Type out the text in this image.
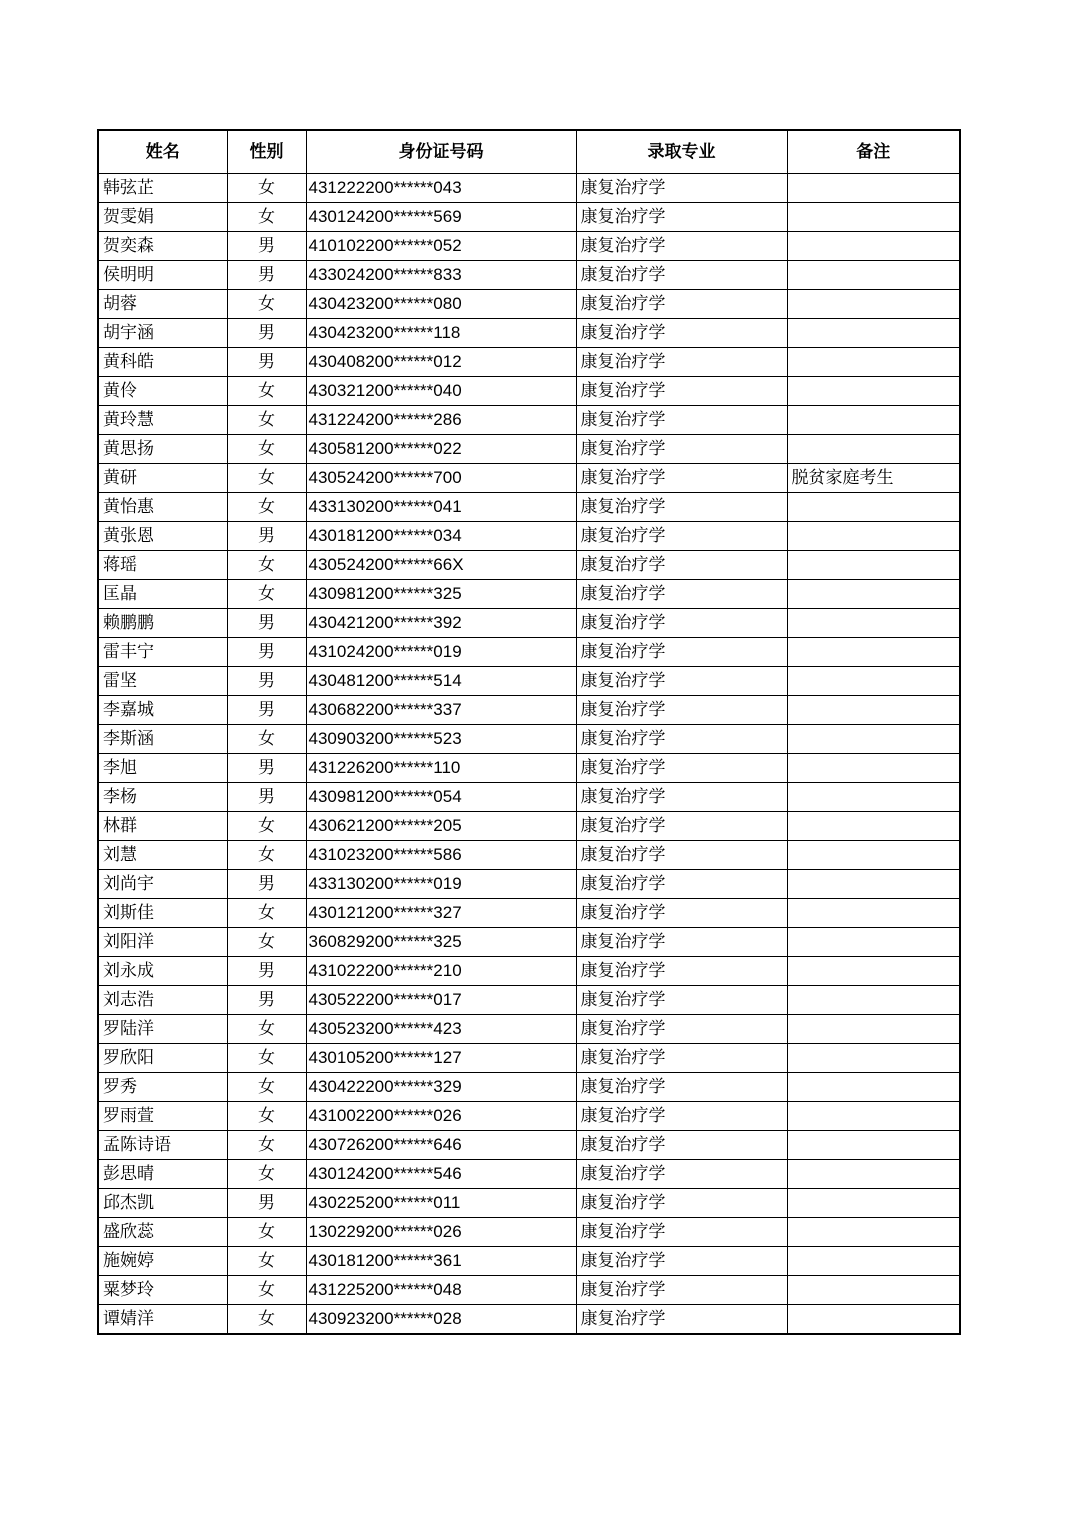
姓名	性别	身份证号码	录取专业	备注
韩弦芷	女	431222200******043	康复治疗学	
贺雯娟	女	430124200******569	康复治疗学	
贺奕森	男	410102200******052	康复治疗学	
侯明明	男	433024200******833	康复治疗学	
胡蓉	女	430423200******080	康复治疗学	
胡宇涵	男	430423200******118	康复治疗学	
黄科皓	男	430408200******012	康复治疗学	
黄伶	女	430321200******040	康复治疗学	
黄玲慧	女	431224200******286	康复治疗学	
黄思扬	女	430581200******022	康复治疗学	
黄研	女	430524200******700	康复治疗学	脱贫家庭考生
黄怡惠	女	433130200******041	康复治疗学	
黄张恩	男	430181200******034	康复治疗学	
蒋瑶	女	430524200******66X	康复治疗学	
匡晶	女	430981200******325	康复治疗学	
赖鹏鹏	男	430421200******392	康复治疗学	
雷丰宁	男	431024200******019	康复治疗学	
雷坚	男	430481200******514	康复治疗学	
李嘉城	男	430682200******337	康复治疗学	
李斯涵	女	430903200******523	康复治疗学	
李旭	男	431226200******110	康复治疗学	
李杨	男	430981200******054	康复治疗学	
林群	女	430621200******205	康复治疗学	
刘慧	女	431023200******586	康复治疗学	
刘尚宇	男	433130200******019	康复治疗学	
刘斯佳	女	430121200******327	康复治疗学	
刘阳洋	女	360829200******325	康复治疗学	
刘永成	男	431022200******210	康复治疗学	
刘志浩	男	430522200******017	康复治疗学	
罗陆洋	女	430523200******423	康复治疗学	
罗欣阳	女	430105200******127	康复治疗学	
罗秀	女	430422200******329	康复治疗学	
罗雨萱	女	431002200******026	康复治疗学	
孟陈诗语	女	430726200******646	康复治疗学	
彭思晴	女	430124200******546	康复治疗学	
邱杰凯	男	430225200******011	康复治疗学	
盛欣蕊	女	130229200******026	康复治疗学	
施婉婷	女	430181200******361	康复治疗学	
粟梦玲	女	431225200******048	康复治疗学	
谭婧洋	女	430923200******028	康复治疗学	
